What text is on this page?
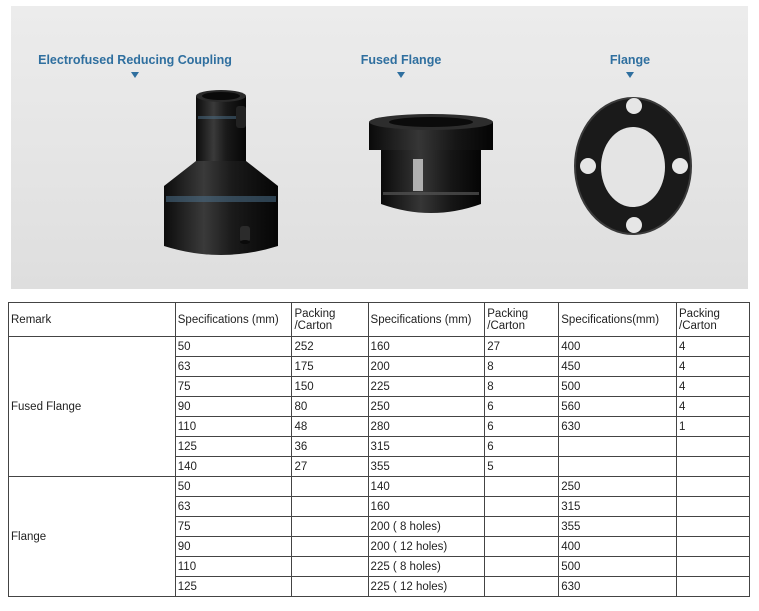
Electrofused Reducing Coupling	Fused Flange	Flange
Remark	Specifications (mm)	Packing /Carton	Specifications (mm)	Packing /Carton	Specifications(mm)	Packing /Carton
Fused Flange	50	252	160	27	400	4
	63	175	200	8	450	4
	75	150	225	8	500	4
	90	80	250	6	560	4
	110	48	280	6	630	1
	125	36	315	6		
	140	27	355	5		
Flange	50		140		250	
	63		160		315	
	75		200 ( 8 holes)		355	
	90		200 ( 12 holes)		400	
	110		225 ( 8 holes)		500	
	125		225 ( 12 holes)		630	
